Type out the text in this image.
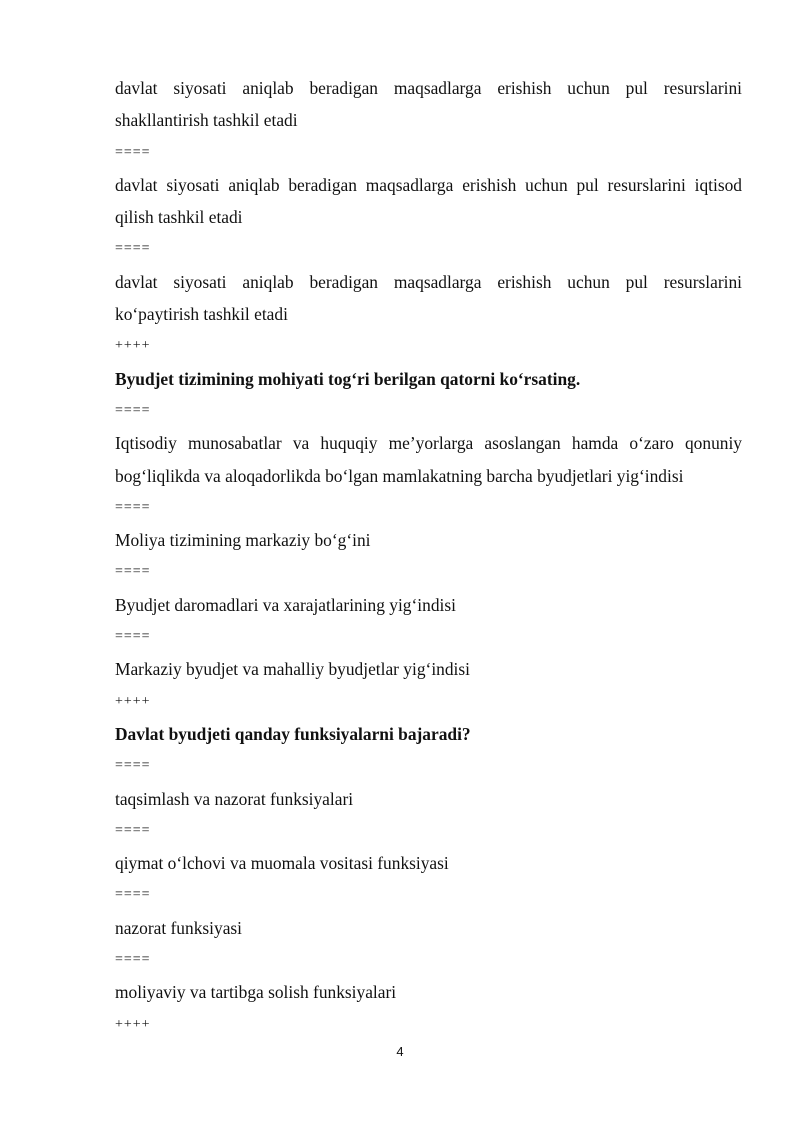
davlat siyosati aniqlab beradigan maqsadlarga erishish uchun pul resurslarini

shakllantirish tashkil etadi

====

davlat siyosati aniqlab beradigan maqsadlarga erishish uchun pul resurslarini iqtisod

qilish tashkil etadi

====

davlat siyosati aniqlab beradigan maqsadlarga erishish uchun pul resurslarini

ko‘paytirish tashkil etadi

++++

Byudjet tizimining mohiyati tog‘ri berilgan qatorni ko‘rsating.

====

Iqtisodiy munosabatlar va huquqiy me’yorlarga asoslangan hamda o‘zaro qonuniy

bog‘liqlikda va aloqadorlikda bo‘lgan mamlakatning barcha byudjetlari yig‘indisi

====

Moliya tizimining markaziy bo‘g‘ini

====

Byudjet daromadlari va xarajatlarining yig‘indisi

====

Markaziy byudjet va mahalliy byudjetlar yig‘indisi

++++

Davlat byudjeti qanday funksiyalarni bajaradi?

====

taqsimlash va nazorat funksiyalari

====

qiymat o‘lchovi va muomala vositasi funksiyasi

====

nazorat funksiyasi

====

moliyaviy va tartibga solish funksiyalari

++++

4
